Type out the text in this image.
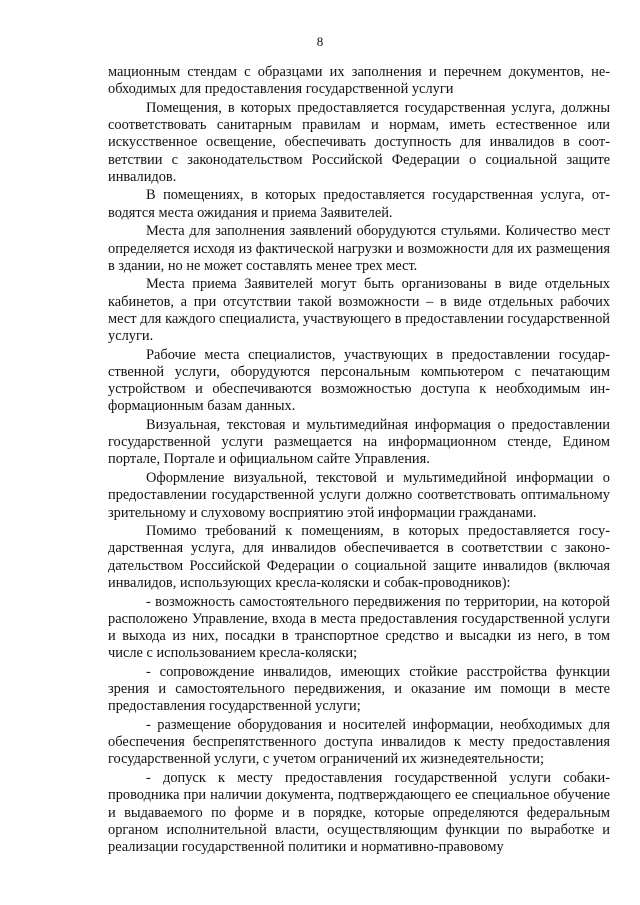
8

мационным стендам с образцами их заполнения и перечнем документов, необходимых для предоставления государственной услуги

Помещения, в которых предоставляется государственная услуга, должны соответствовать санитарным правилам и нормам, иметь естественное или искусственное освещение, обеспечивать доступность для инвалидов в соответствии с законодательством Российской Федерации о социальной защите инвалидов.

В помещениях, в которых предоставляется государственная услуга, отводятся места ожидания и приема Заявителей.

Места для заполнения заявлений оборудуются стульями. Количество мест определяется исходя из фактической нагрузки и возможности для их размещения в здании, но не может составлять менее трех мест.

Места приема Заявителей могут быть организованы в виде отдельных кабинетов, а при отсутствии такой возможности – в виде отдельных рабочих мест для каждого специалиста, участвующего в предоставлении государственной услуги.

Рабочие места специалистов, участвующих в предоставлении государственной услуги, оборудуются персональным компьютером с печатающим устройством и обеспечиваются возможностью доступа к необходимым информационным базам данных.

Визуальная, текстовая и мультимедийная информация о предоставлении государственной услуги размещается на информационном стенде, Едином портале, Портале и официальном сайте Управления.

Оформление визуальной, текстовой и мультимедийной информации о предоставлении государственной услуги должно соответствовать оптимальному зрительному и слуховому восприятию этой информации гражданами.

Помимо требований к помещениям, в которых предоставляется государственная услуга, для инвалидов обеспечивается в соответствии с законодательством Российской Федерации о социальной защите инвалидов (включая инвалидов, использующих кресла-коляски и собак-проводников):

- возможность самостоятельного передвижения по территории, на которой расположено Управление, входа в места предоставления государственной услуги и выхода из них, посадки в транспортное средство и высадки из него, в том числе с использованием кресла-коляски;

- сопровождение инвалидов, имеющих стойкие расстройства функции зрения и самостоятельного передвижения, и оказание им помощи в месте предоставления государственной услуги;

- размещение оборудования и носителей информации, необходимых для обеспечения беспрепятственного доступа инвалидов к месту предоставления государственной услуги, с учетом ограничений их жизнедеятельности;

- допуск к месту предоставления государственной услуги собаки-проводника при наличии документа, подтверждающего ее специальное обучение и выдаваемого по форме и в порядке, которые определяются федеральным органом исполнительной власти, осуществляющим функции по выработке и реализации государственной политики и нормативно-правовому
